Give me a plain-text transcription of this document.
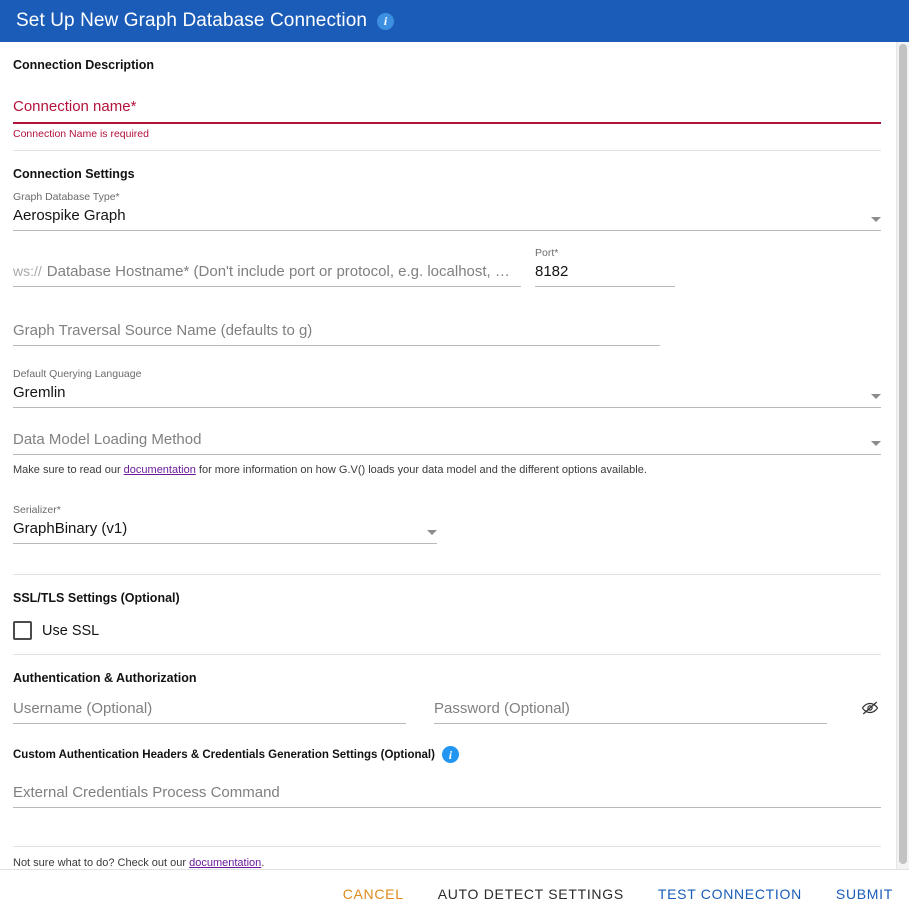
Set Up New Graph Database Connection	i
Connection Description
Connection name*
Connection Name is required
Connection Settings
Graph Database Type*
Aerospike Graph

ws:// Database Hostname* (Don't include port or protocol, e.g. localhost, …
Port*
8182
Graph Traversal Source Name (defaults to g)
Default Querying Language
Gremlin
Data Model Loading Method
Make sure to read our documentation for more information on how G.V() loads your data model and the different options available.
Serializer*
GraphBinary (v1)
SSL/TLS Settings (Optional)
Use SSL
Authentication & Authorization
Username (Optional)	Password (Optional)
Custom Authentication Headers & Credentials Generation Settings (Optional)	i
External Credentials Process Command
Not sure what to do? Check out our documentation.
CANCEL AUTO DETECT SETTINGS TEST CONNECTION SUBMIT
